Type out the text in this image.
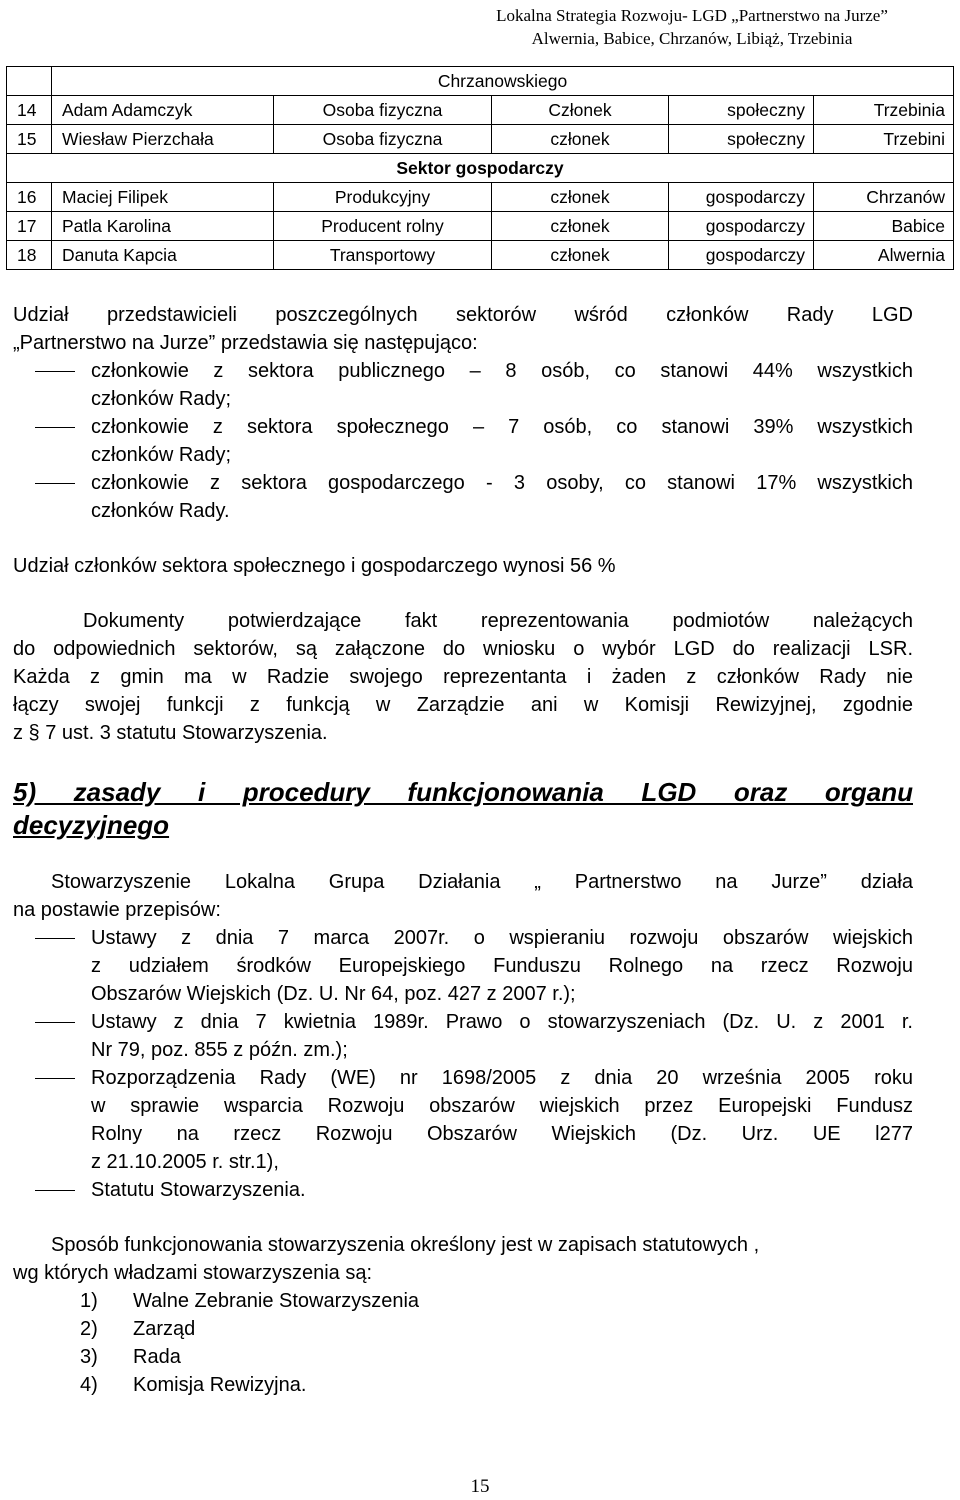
Lokalna Strategia Rozwoju- LGD „Partnerstwo na Jurze”
Alwernia, Babice, Chrzanów, Libiąż, Trzebinia
	Chrzanowskiego				
14	Adam Adamczyk	Osoba fizyczna	Członek	społeczny	Trzebinia
15	Wiesław Pierzchała	Osoba fizyczna	członek	społeczny	Trzebini
Sektor gospodarczy					
16	Maciej Filipek	Produkcyjny	członek	gospodarczy	Chrzanów
17	Patla Karolina	Producent rolny	członek	gospodarczy	Babice
18	Danuta Kapcia	Transportowy	członek	gospodarczy	Alwernia
Udział przedstawicieli poszczególnych sektorów wśród członków Rady LGD
„Partnerstwo na Jurze” przedstawia się następująco:
członkowie z sektora publicznego – 8 osób, co stanowi 44% wszystkich
członków Rady;
członkowie z sektora społecznego – 7 osób, co stanowi 39% wszystkich
członków Rady;
członkowie z sektora gospodarczego - 3 osoby, co stanowi 17% wszystkich
członków Rady.
Udział członków sektora społecznego i gospodarczego wynosi 56 %
Dokumenty potwierdzające fakt reprezentowania podmiotów należących
do odpowiednich sektorów, są załączone do wniosku o wybór LGD do realizacji LSR.
Każda z gmin ma w Radzie swojego reprezentanta i żaden z członków Rady nie
łączy swojej funkcji z funkcją w Zarządzie ani w Komisji Rewizyjnej, zgodnie
z § 7 ust. 3 statutu Stowarzyszenia.
5) zasady i procedury funkcjonowania LGD oraz organu
decyzyjnego
Stowarzyszenie Lokalna Grupa Działania „ Partnerstwo na Jurze” działa
na postawie przepisów:
Ustawy z dnia 7 marca 2007r. o wspieraniu rozwoju obszarów wiejskich
z udziałem środków Europejskiego Funduszu Rolnego na rzecz Rozwoju
Obszarów Wiejskich (Dz. U. Nr 64, poz. 427 z 2007 r.);
Ustawy z dnia 7 kwietnia 1989r. Prawo o stowarzyszeniach (Dz. U. z 2001 r.
Nr 79, poz. 855 z późn. zm.);
Rozporządzenia Rady (WE) nr 1698/2005 z dnia 20 września 2005 roku
w sprawie wsparcia Rozwoju obszarów wiejskich przez Europejski Fundusz
Rolny na rzecz Rozwoju Obszarów Wiejskich (Dz. Urz. UE l277
z 21.10.2005 r. str.1),
Statutu Stowarzyszenia.
Sposób funkcjonowania stowarzyszenia określony jest w zapisach statutowych ,
wg których władzami stowarzyszenia są:
1) Walne Zebranie Stowarzyszenia
2) Zarząd
3) Rada
4) Komisja Rewizyjna.
15
